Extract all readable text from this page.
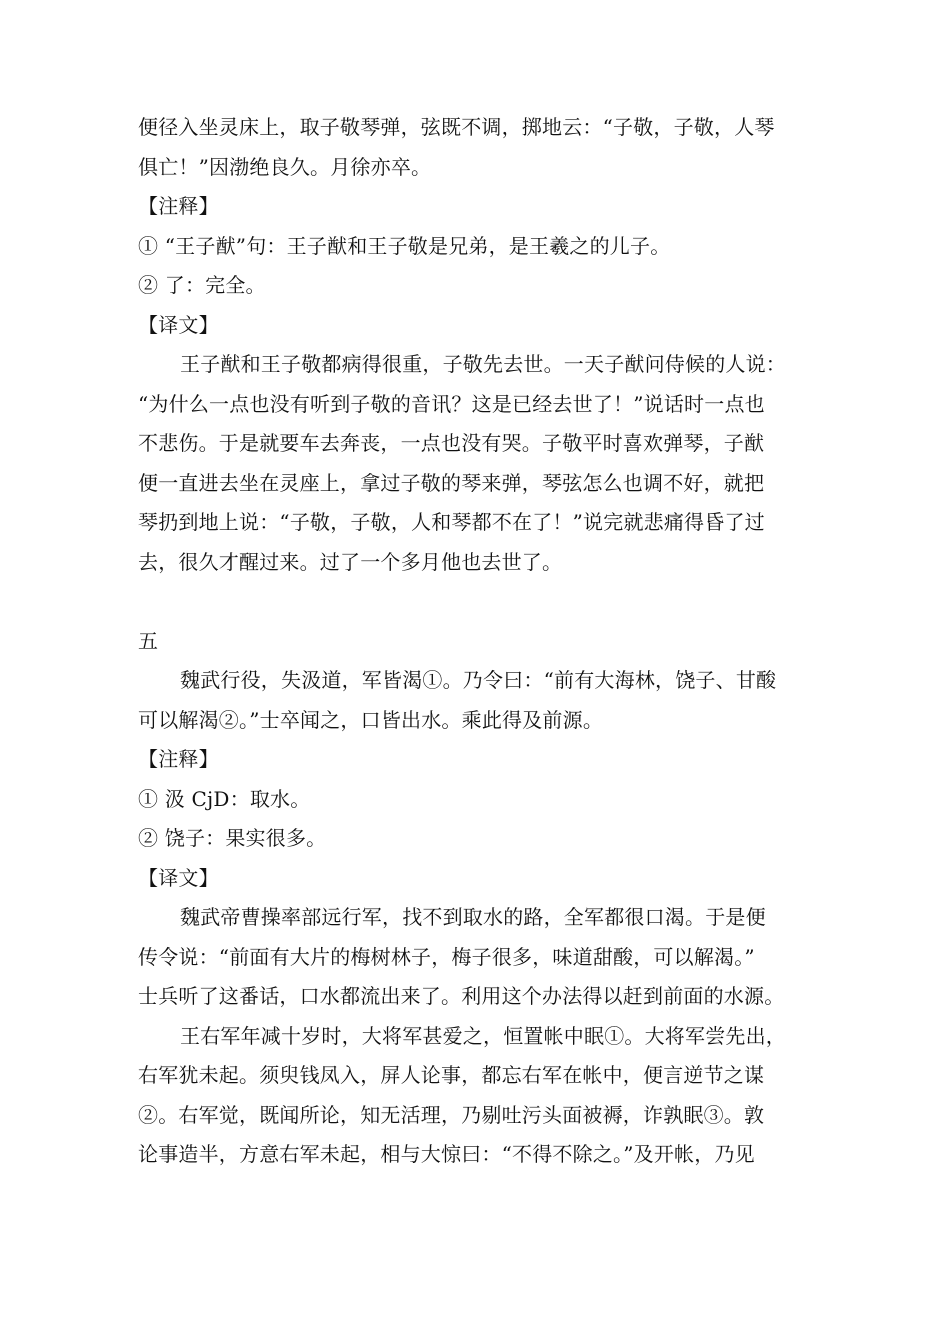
便径入坐灵床上，取子敬琴弹，弦既不调，掷地云：“子敬，子敬，人琴
俱亡！”因渤绝良久。月徐亦卒。
【注释】
① “王子猷”句：王子猷和王子敬是兄弟，是王羲之的儿子。
② 了：完全。
【译文】
王子猷和王子敬都病得很重，子敬先去世。一天子猷问侍候的人说：
“为什么一点也没有听到子敬的音讯？这是已经去世了！”说话时一点也
不悲伤。于是就要车去奔丧，一点也没有哭。子敬平时喜欢弹琴，子猷
便一直进去坐在灵座上，拿过子敬的琴来弹，琴弦怎么也调不好，就把
琴扔到地上说：“子敬，子敬，人和琴都不在了！”说完就悲痛得昏了过
去，很久才醒过来。过了一个多月他也去世了。
五
魏武行役，失汲道，军皆渴①。乃令曰：“前有大海林，饶子、甘酸
可以解渴②。”士卒闻之，口皆出水。乘此得及前源。
【注释】
① 汲 CjD：取水。
② 饶子：果实很多。
【译文】
魏武帝曹操率部远行军，找不到取水的路，全军都很口渴。于是便
传令说：“前面有大片的梅树林子，梅子很多，味道甜酸，可以解渴。”
士兵听了这番话，口水都流出来了。利用这个办法得以赶到前面的水源。
王右军年减十岁时，大将军甚爱之，恒置帐中眠①。大将军尝先出，
右军犹未起。须臾钱凤入，屏人论事，都忘右军在帐中，便言逆节之谋
②。右军觉，既闻所论，知无活理，乃剔吐污头面被褥，诈孰眠③。敦
论事造半，方意右军未起，相与大惊曰：“不得不除之。”及开帐，乃见
